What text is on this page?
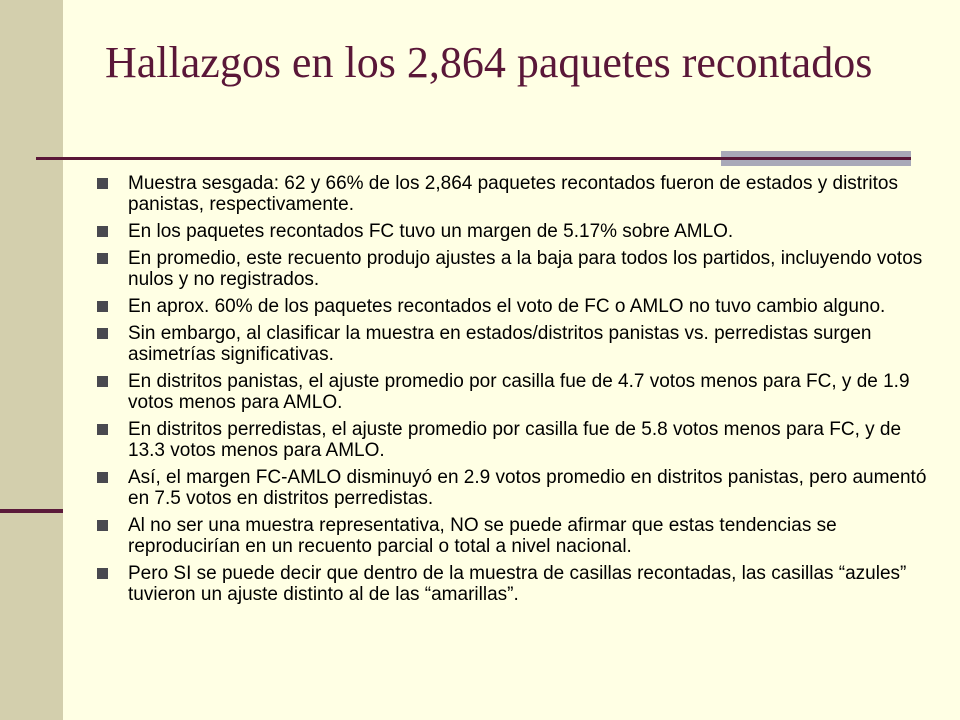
Hallazgos en los 2,864 paquetes recontados
Muestra sesgada: 62 y 66% de los 2,864 paquetes recontados fueron de estados y distritos panistas, respectivamente.
En los paquetes recontados FC tuvo un margen de 5.17% sobre AMLO.
En promedio, este recuento produjo ajustes a la baja para todos los partidos, incluyendo votos nulos y no registrados.
En aprox. 60% de los paquetes recontados el voto de FC o AMLO no tuvo cambio alguno.
Sin embargo, al clasificar la muestra en estados/distritos panistas vs. perredistas surgen asimetrías significativas.
En distritos panistas, el ajuste promedio por casilla fue de 4.7 votos menos para FC, y de 1.9 votos menos para AMLO.
En distritos perredistas, el ajuste promedio por casilla fue de 5.8 votos menos para FC, y de 13.3 votos menos para AMLO.
Así, el margen FC-AMLO disminuyó en 2.9 votos promedio en distritos panistas, pero aumentó en 7.5 votos en distritos perredistas.
Al no ser una muestra representativa, NO se puede afirmar que estas tendencias se reproducirían en un recuento parcial o total a nivel nacional.
Pero SI se puede decir que dentro de la muestra de casillas recontadas, las casillas “azules” tuvieron un ajuste distinto al de las “amarillas”.
